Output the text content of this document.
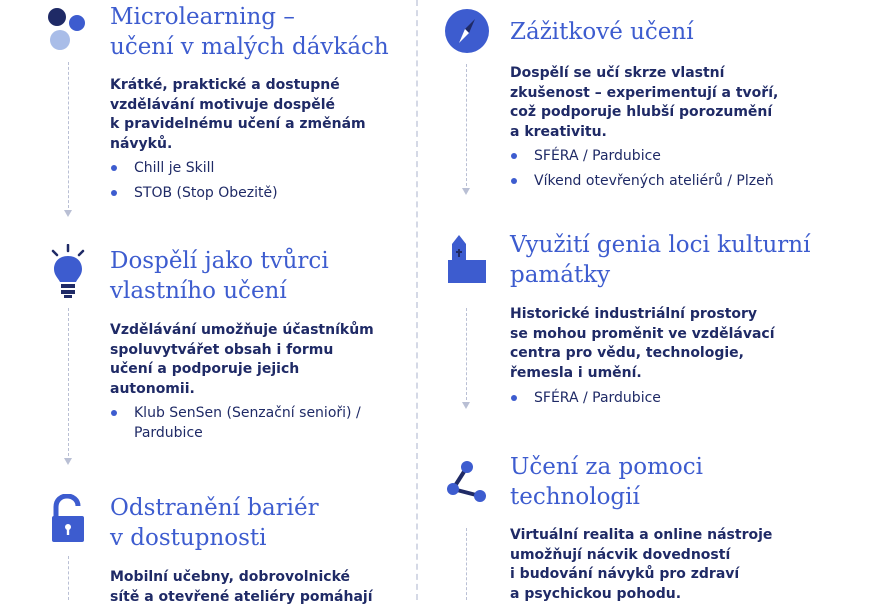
Microlearning –
učení v malých dávkách

Krátké, praktické a dostupné
vzdělávání motivuje dospělé
k pravidelnému učení a změnám
návyků.

Chill je Skill
STOB (Stop Obezitě)
Dospělí jako tvůrci
vlastního učení

Vzdělávání umožňuje účastníkům
spoluvytvářet obsah i formu
učení a podporuje jejich
autonomii.

Klub SenSen (Senzační senioři) /
Pardubice
Odstranění bariér
v dostupnosti

Mobilní učebny, dobrovolnické
sítě a otevřené ateliéry pomáhají

Zážitkové učení

Dospělí se učí skrze vlastní
zkušenost – experimentují a tvoří,
což podporuje hlubší porozumění
a kreativitu.

SFÉRA / Pardubice
Víkend otevřených ateliérů / Plzeň
Využití genia loci kulturní
památky

Historické industriální prostory
se mohou proměnit ve vzdělávací
centra pro vědu, technologie,
řemesla i umění.

SFÉRA / Pardubice
Učení za pomoci
technologií

Virtuální realita a online nástroje
umožňují nácvik dovedností
i budování návyků pro zdraví
a psychickou pohodu.
